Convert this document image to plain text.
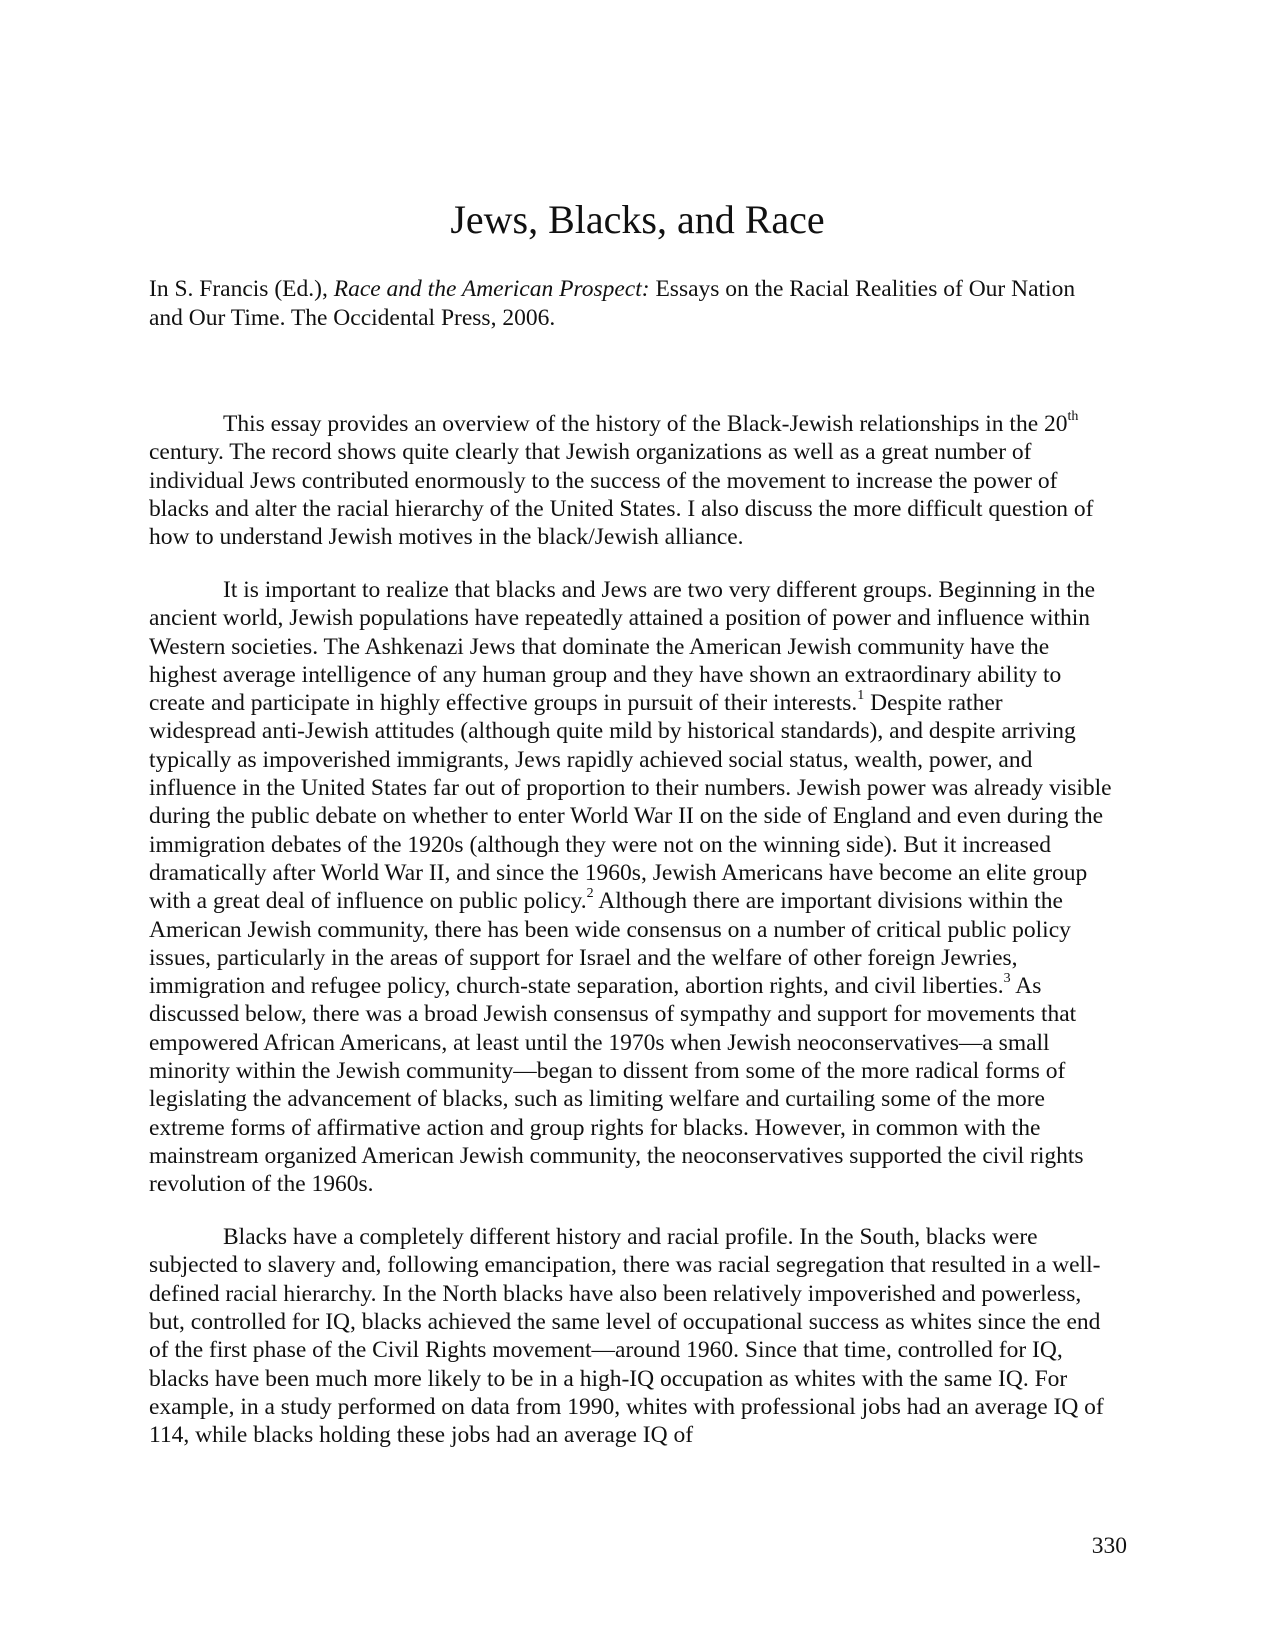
Jews, Blacks, and Race
In S. Francis (Ed.), Race and the American Prospect: Essays on the Racial Realities of Our Nation and Our Time. The Occidental Press, 2006.

This essay provides an overview of the history of the Black-Jewish relationships in the 20th century. The record shows quite clearly that Jewish organizations as well as a great number of individual Jews contributed enormously to the success of the movement to increase the power of blacks and alter the racial hierarchy of the United States. I also discuss the more difficult question of how to understand Jewish motives in the black/Jewish alliance.

It is important to realize that blacks and Jews are two very different groups. Beginning in the ancient world, Jewish populations have repeatedly attained a position of power and influence within Western societies. The Ashkenazi Jews that dominate the American Jewish community have the highest average intelligence of any human group and they have shown an extraordinary ability to create and participate in highly effective groups in pursuit of their interests.$^1$ Despite rather widespread anti-Jewish attitudes (although quite mild by historical standards), and despite arriving typically as impoverished immigrants, Jews rapidly achieved social status, wealth, power, and influence in the United States far out of proportion to their numbers. Jewish power was already visible during the public debate on whether to enter World War II on the side of England and even during the immigration debates of the 1920s (although they were not on the winning side). But it increased dramatically after World War II, and since the 1960s, Jewish Americans have become an elite group with a great deal of influence on public policy.$^2$ Although there are important divisions within the American Jewish community, there has been wide consensus on a number of critical public policy issues, particularly in the areas of support for Israel and the welfare of other foreign Jewries, immigration and refugee policy, church-state separation, abortion rights, and civil liberties.$^3$ As discussed below, there was a broad Jewish consensus of sympathy and support for movements that empowered African Americans, at least until the 1970s when Jewish neoconservatives—a small minority within the Jewish community—began to dissent from some of the more radical forms of legislating the advancement of blacks, such as limiting welfare and curtailing some of the more extreme forms of affirmative action and group rights for blacks. However, in common with the mainstream organized American Jewish community, the neoconservatives supported the civil rights revolution of the 1960s.

Blacks have a completely different history and racial profile. In the South, blacks were subjected to slavery and, following emancipation, there was racial segregation that resulted in a well-defined racial hierarchy. In the North blacks have also been relatively impoverished and powerless, but, controlled for IQ, blacks achieved the same level of occupational success as whites since the end of the first phase of the Civil Rights movement—around 1960. Since that time, controlled for IQ, blacks have been much more likely to be in a high-IQ occupation as whites with the same IQ. For example, in a study performed on data from 1990, whites with professional jobs had an average IQ of 114, while blacks holding these jobs had an average IQ of

330
